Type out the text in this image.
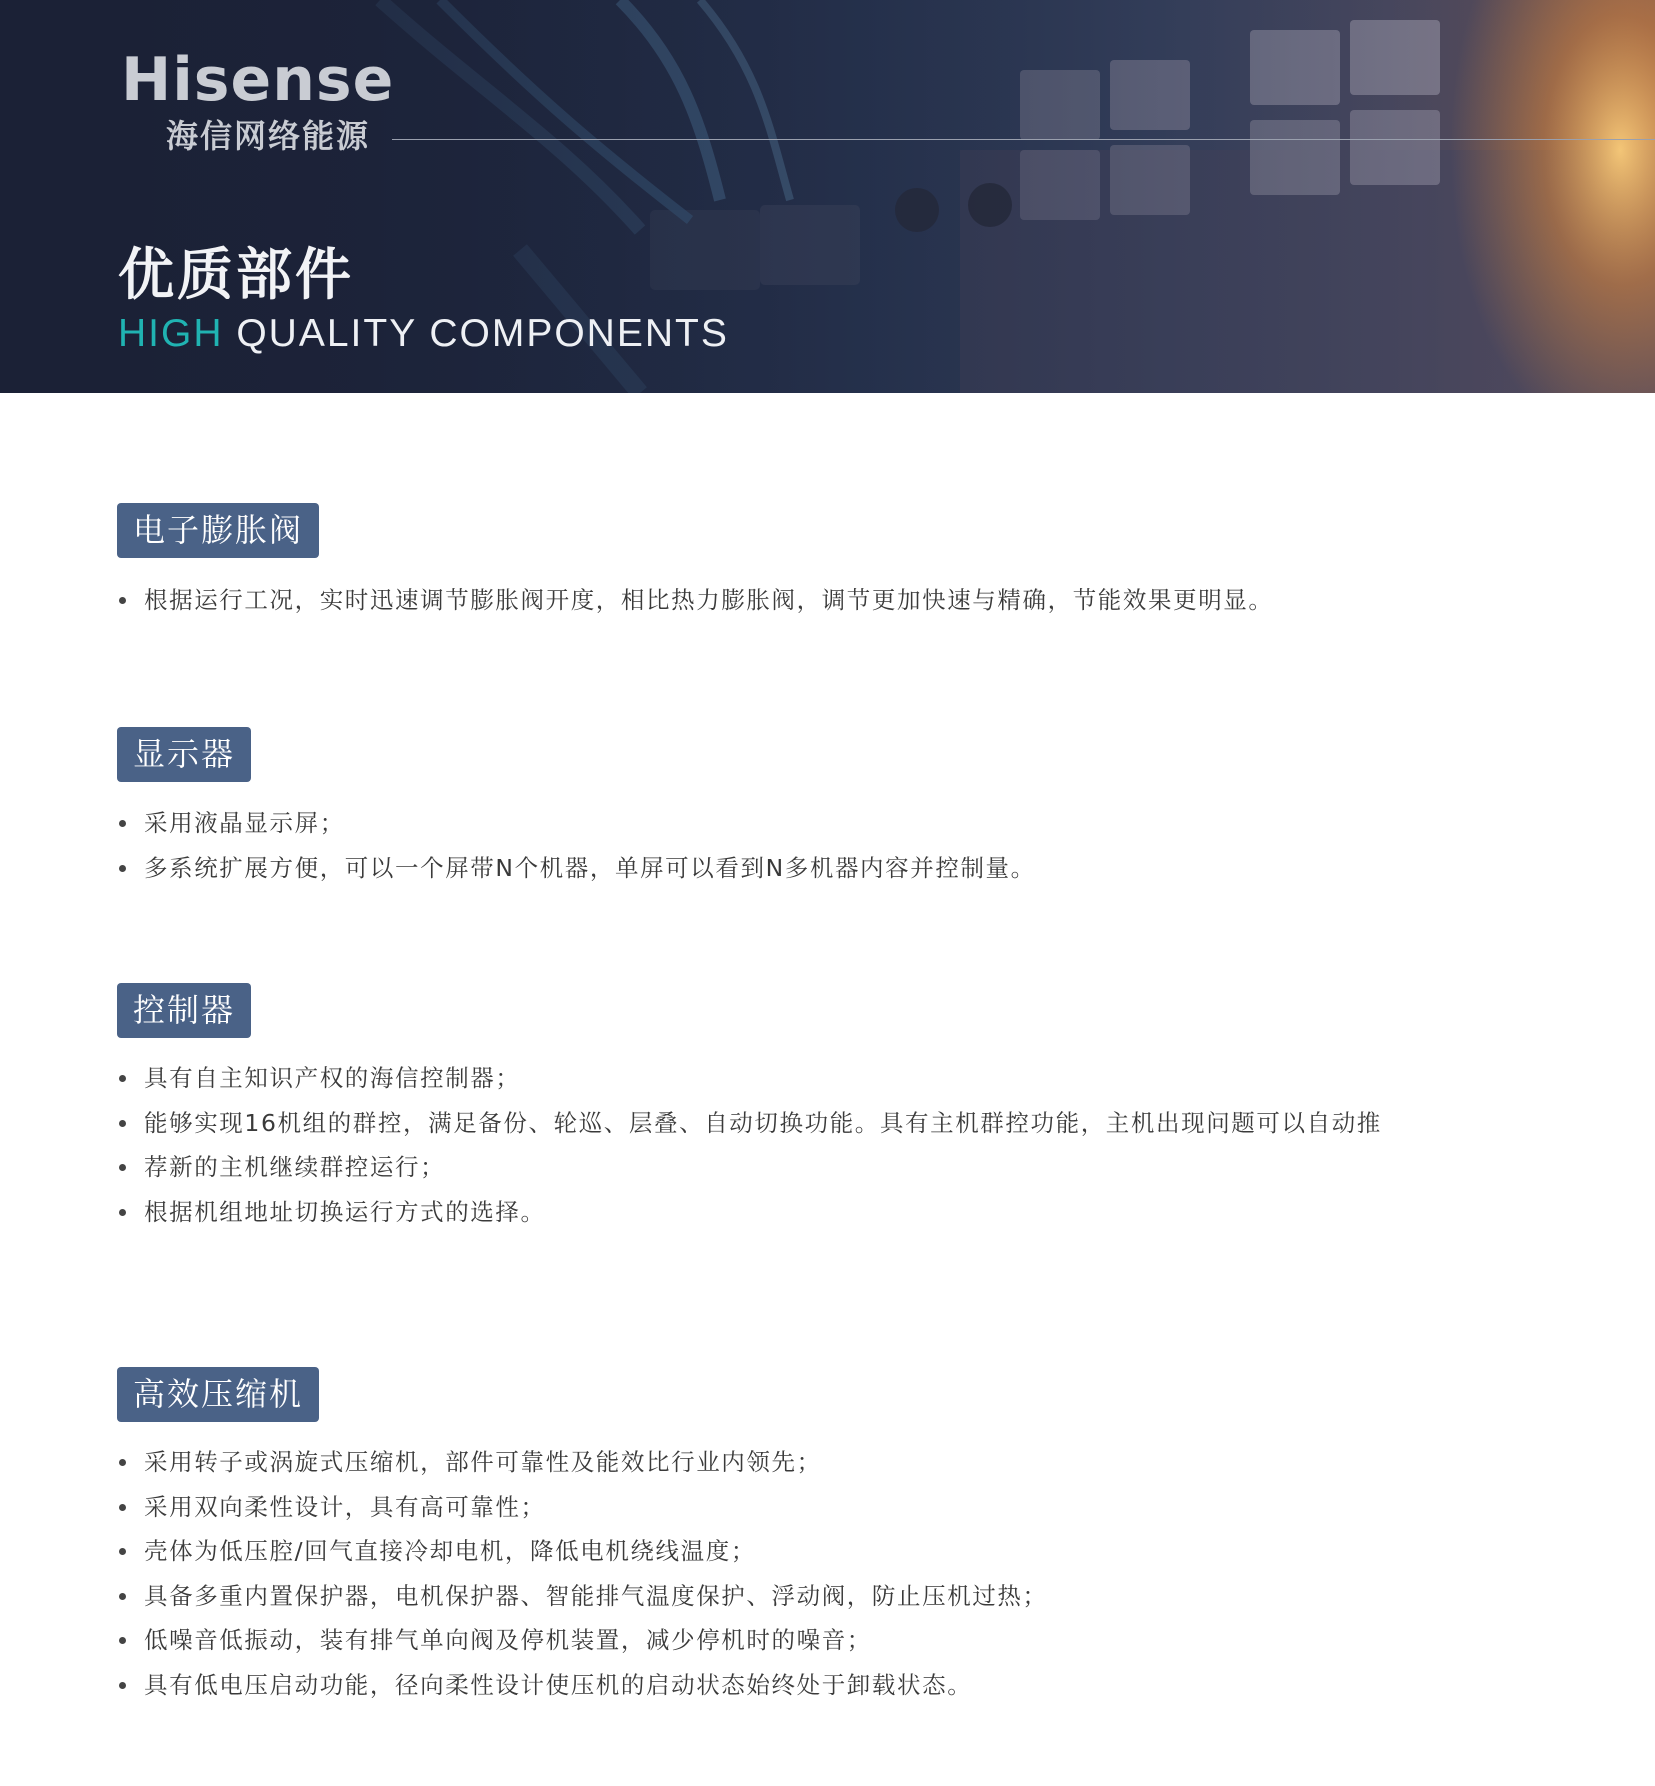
Hisense
海信网络能源
优质部件
HIGH QUALITY COMPONENTS
电子膨胀阀
根据运行工况，实时迅速调节膨胀阀开度，相比热力膨胀阀，调节更加快速与精确，节能效果更明显。
显示器
采用液晶显示屏；
多系统扩展方便，可以一个屏带N个机器，单屏可以看到N多机器内容并控制量。
控制器
具有自主知识产权的海信控制器；
能够实现16机组的群控，满足备份、轮巡、层叠、自动切换功能。具有主机群控功能，主机出现问题可以自动推
荐新的主机继续群控运行；
根据机组地址切换运行方式的选择。
高效压缩机
采用转子或涡旋式压缩机，部件可靠性及能效比行业内领先；
采用双向柔性设计，具有高可靠性；
壳体为低压腔/回气直接冷却电机，降低电机绕线温度；
具备多重内置保护器，电机保护器、智能排气温度保护、浮动阀，防止压机过热；
低噪音低振动，装有排气单向阀及停机装置，减少停机时的噪音；
具有低电压启动功能，径向柔性设计使压机的启动状态始终处于卸载状态。
